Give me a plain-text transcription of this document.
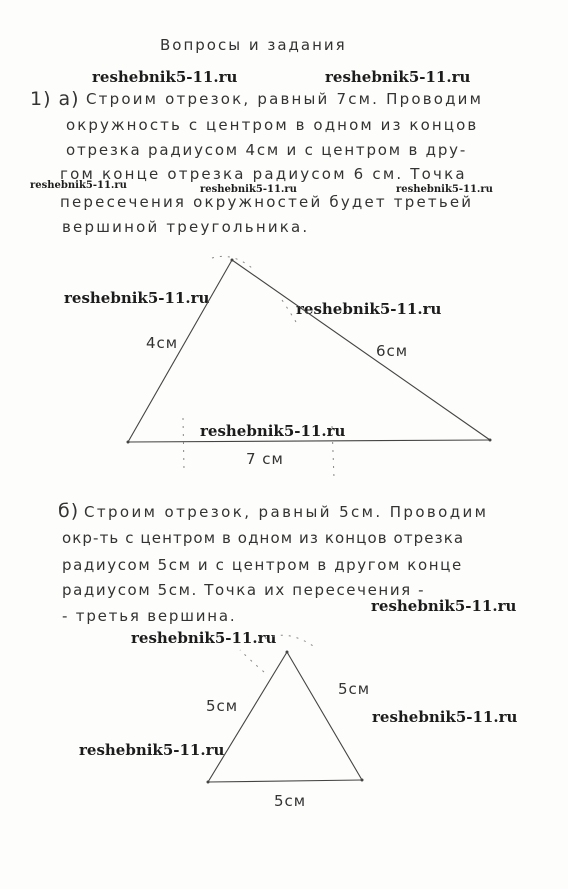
Вопросы и задания
reshebnik5-11.ru	reshebnik5-11.ru
reshebnik5-11.ru	reshebnik5-11.ru	reshebnik5-11.ru
reshebnik5-11.ru
reshebnik5-11.ru
reshebnik5-11.ru
reshebnik5-11.ru
reshebnik5-11.ru
reshebnik5-11.ru
reshebnik5-11.ru
1) а) Строим отрезок, равный 7см. Проводим
окружность с центром в одном из концов
отрезка радиусом 4см и с центром в дру-
гом конце отрезка радиусом 6 см. Точка
пересечения окружностей будет третьей
вершиной треугольника.
4см	6см
7 см
б) Строим отрезок, равный 5см. Проводим
окр-ть с центром в одном из концов отрезка
радиусом 5см и с центром в другом конце
радиусом 5см. Точка их пересечения -
- третья вершина.
5см
5см
5см
